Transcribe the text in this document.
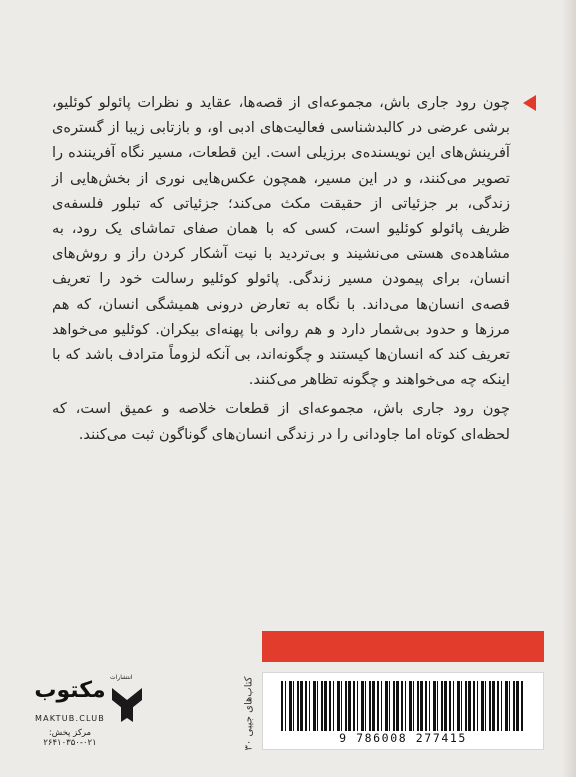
چون رود جاری باش، مجموعه‌ای از قصه‌ها، عقاید و نظرات پائولو کوئلیو، برشی عرضی در کالبدشناسی فعالیت‌های ادبی او، و بازتابی زیبا از گستره‌ی آفرینش‌های این نویسنده‌ی برزیلی است. این قطعات، مسیر نگاه آفریننده را تصویر می‌کنند، و در این مسیر، همچون عکس‌هایی نوری از بخش‌هایی از زندگی، بر جزئیاتی از حقیقت مکث می‌کند؛ جزئیاتی که تبلور فلسفه‌ی ظریف پائولو کوئلیو است، کسی که با همان صفای تماشای یک رود، به مشاهده‌ی هستی می‌نشیند و بی‌تردید با نیت آشکار کردن راز و روش‌های انسان، برای پیمودن مسیر زندگی. پائولو کوئلیو رسالت خود را تعریف قصه‌ی انسان‌ها می‌داند. با نگاه به تعارض درونی همیشگی انسان، که هم مرزها و حدود بی‌شمار دارد و هم روانی با پهنه‌ای بیکران. کوئلیو می‌خواهد تعریف کند که انسان‌ها کیستند و چگونه‌اند، بی آنکه لزوماً مترادف باشد که با اینکه چه می‌خواهند و چگونه تظاهر می‌کنند.

چون رود جاری باش، مجموعه‌ای از قطعات خلاصه و عمیق است، که لحظه‌ای کوتاه اما جاودانی را در زندگی انسان‌های گوناگون ثبت می‌کنند.

9 786008 277415
کتاب‌های جیبی ۳۰
انتشارات
مکتوب
MAKTUB.CLUB
مرکز پخش: ۰۲۱-۲۶۴۱۰۳۵۰
